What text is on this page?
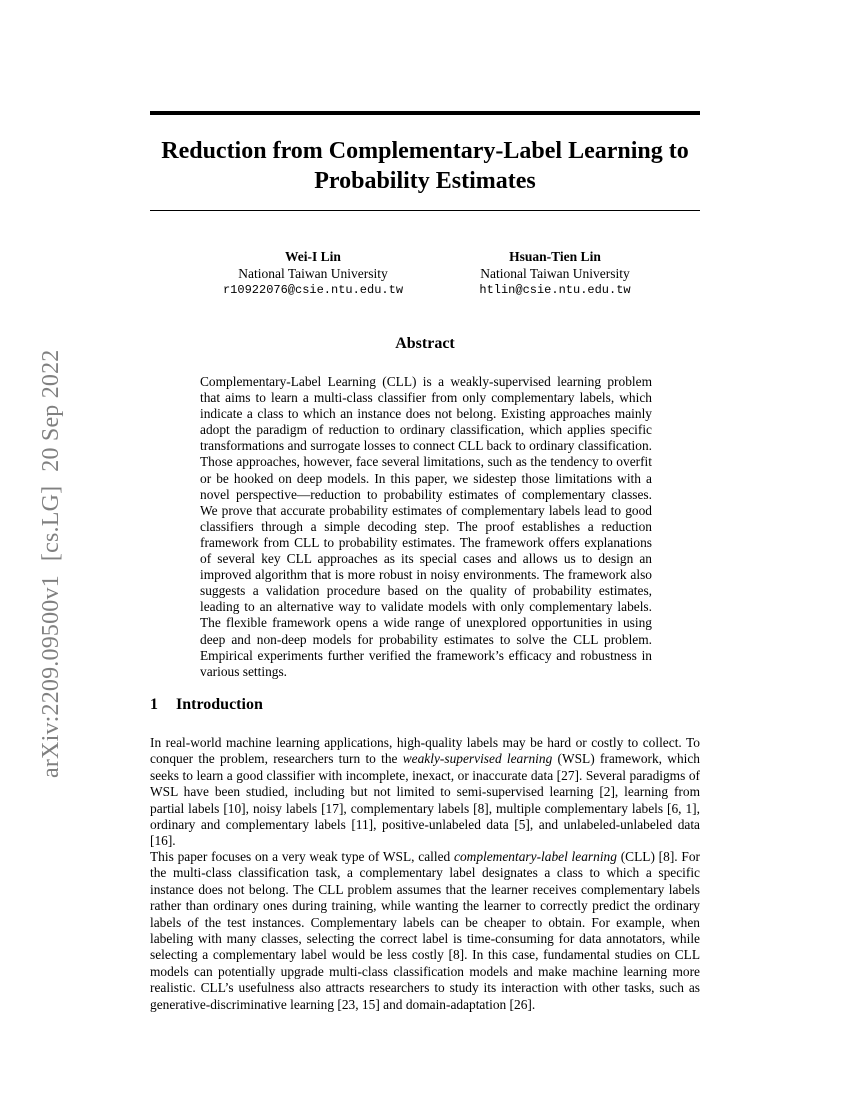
arXiv:2209.09500v1[cs.LG]20 Sep 2022
Reduction from Complementary-Label Learning to
Probability Estimates
Wei-I Lin
National Taiwan University
r10922076@csie.ntu.edu.tw
Hsuan-Tien Lin
National Taiwan University
htlin@csie.ntu.edu.tw
Abstract
Complementary-Label Learning (CLL) is a weakly-supervised learning problem that aims to learn a multi-class classifier from only complementary labels, which indicate a class to which an instance does not belong. Existing approaches mainly adopt the paradigm of reduction to ordinary classification, which applies specific transformations and surrogate losses to connect CLL back to ordinary classification. Those approaches, however, face several limitations, such as the tendency to overfit or be hooked on deep models. In this paper, we sidestep those limitations with a novel perspective—reduction to probability estimates of complementary classes. We prove that accurate probability estimates of complementary labels lead to good classifiers through a simple decoding step. The proof establishes a reduction framework from CLL to probability estimates. The framework offers explanations of several key CLL approaches as its special cases and allows us to design an improved algorithm that is more robust in noisy environments. The framework also suggests a validation procedure based on the quality of probability estimates, leading to an alternative way to validate models with only complementary labels. The flexible framework opens a wide range of unexplored opportunities in using deep and non-deep models for probability estimates to solve the CLL problem. Empirical experiments further verified the framework’s efficacy and robustness in various settings.
1 Introduction

In real-world machine learning applications, high-quality labels may be hard or costly to collect. To conquer the problem, researchers turn to the weakly-supervised learning (WSL) framework, which seeks to learn a good classifier with incomplete, inexact, or inaccurate data [27]. Several paradigms of WSL have been studied, including but not limited to semi-supervised learning [2], learning from partial labels [10], noisy labels [17], complementary labels [8], multiple complementary labels [6, 1], ordinary and complementary labels [11], positive-unlabeled data [5], and unlabeled-unlabeled data [16].

This paper focuses on a very weak type of WSL, called complementary-label learning (CLL) [8]. For the multi-class classification task, a complementary label designates a class to which a specific instance does not belong. The CLL problem assumes that the learner receives complementary labels rather than ordinary ones during training, while wanting the learner to correctly predict the ordinary labels of the test instances. Complementary labels can be cheaper to obtain. For example, when labeling with many classes, selecting the correct label is time-consuming for data annotators, while selecting a complementary label would be less costly [8]. In this case, fundamental studies on CLL models can potentially upgrade multi-class classification models and make machine learning more realistic. CLL’s usefulness also attracts researchers to study its interaction with other tasks, such as generative-discriminative learning [23, 15] and domain-adaptation [26].
